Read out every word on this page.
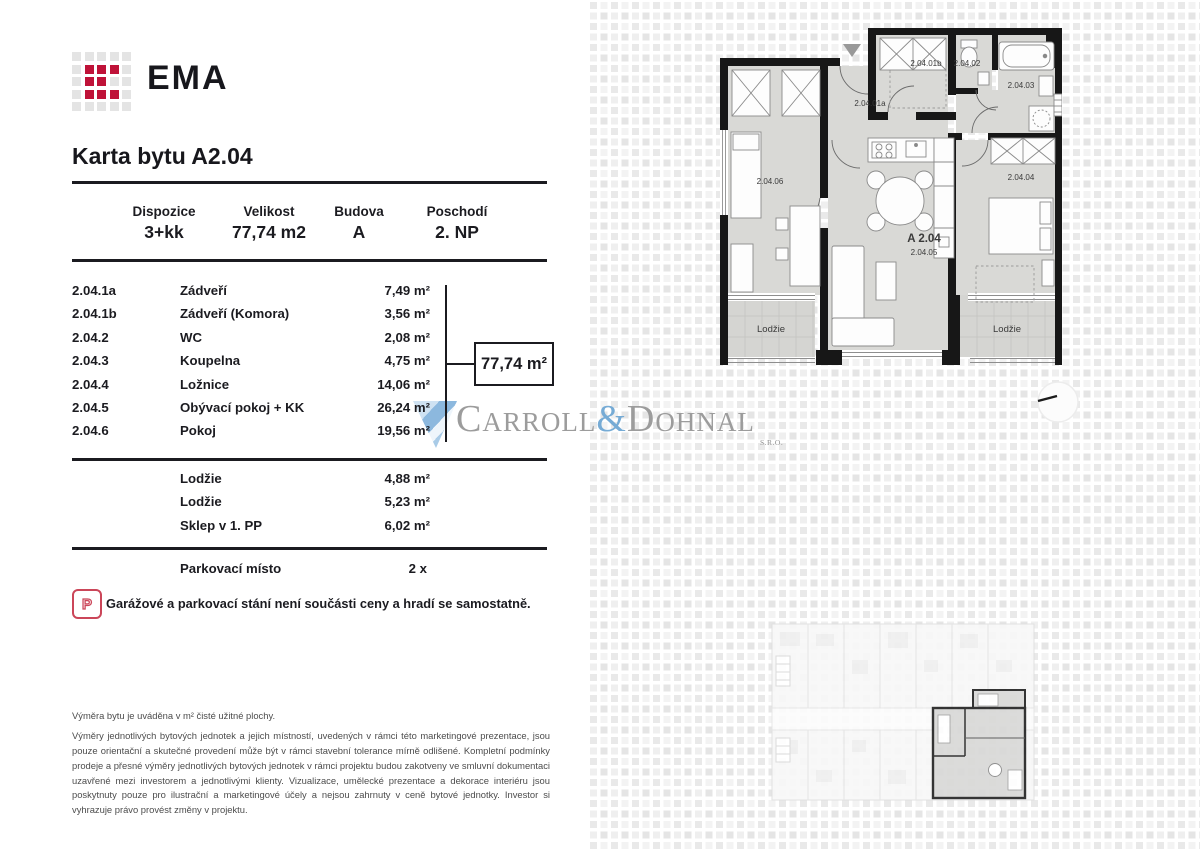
Carroll&Dohnal
S.R.O.
2.04.01a
2.04.01b 2.04.02
2.04.03
2.04.04
2.04.06
A 2.04
2.04.05
Lodžie	Lodžie
EMA
Karta bytu A2.04
Dispozice
3+kk
Velikost
77,74 m2
Budova
A
Poschodí
2. NP
2.04.1a	Zádveří	7,49 m²
2.04.1b	Zádveří (Komora)	3,56 m²
2.04.2	WC	2,08 m²
2.04.3	Koupelna	4,75 m²
2.04.4	Ložnice	14,06 m²
2.04.5	Obývací pokoj + KK	26,24 m²
2.04.6	Pokoj	19,56 m²
77,74 m²
Lodžie	4,88 m²
Lodžie	5,23 m²
Sklep v 1. PP	6,02 m²
Parkovací místo	2 x
P	Garážové a parkovací stání není součásti ceny a hradí se samostatně.
Výměra bytu je uváděna v m² čisté užitné plochy.
Výměry jednotlivých bytových jednotek a jejich místností, uvedených v rámci této marketingové prezentace, jsou pouze orientační a skutečné provedení může být v rámci stavební tolerance mírně odlišené. Kompletní podmínky prodeje a přesné výměry jednotlivých bytových jednotek v rámci projektu budou zakotveny ve smluvní dokumentaci uzavřené mezi investorem a jednotlivými klienty. Vizualizace, umělecké prezentace a dekorace interiéru jsou poskytnuty pouze pro ilustrační a marketingové účely a nejsou zahrnuty v ceně bytové jednotky. Investor si vyhrazuje právo provést změny v projektu.
